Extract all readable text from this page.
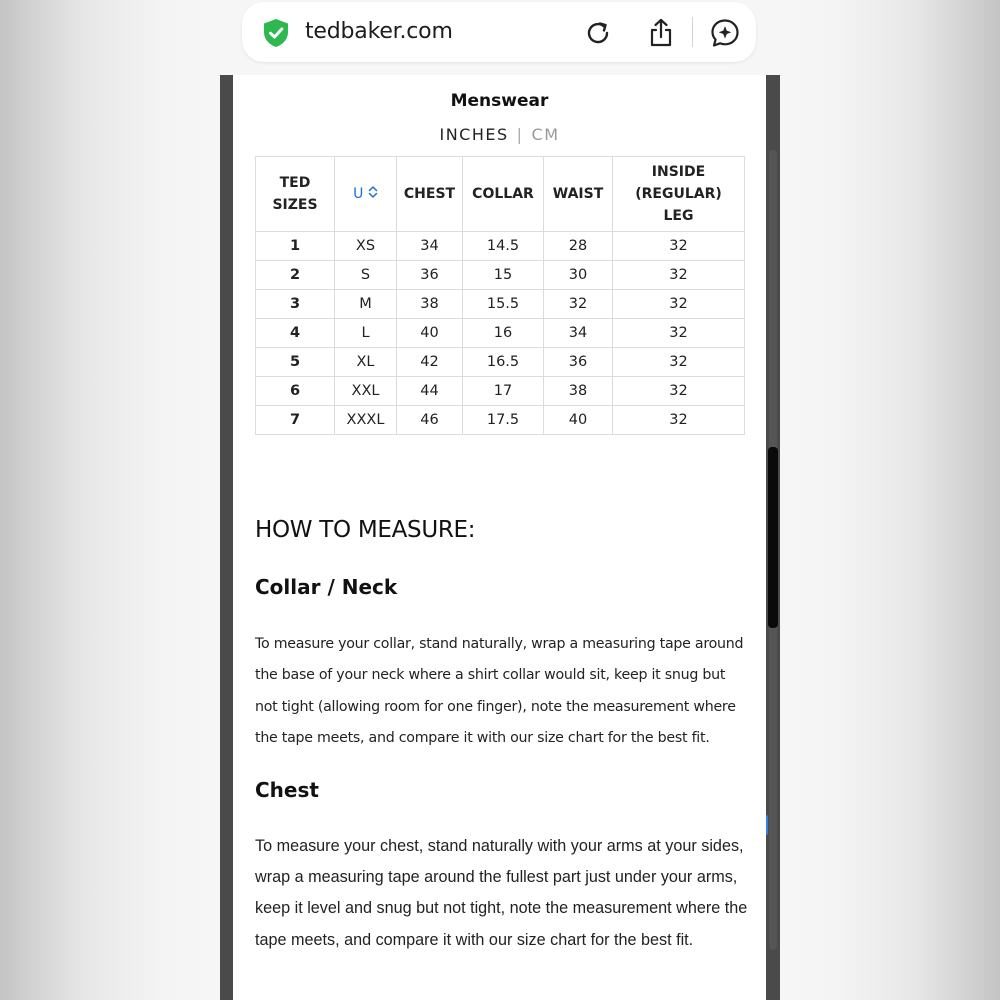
tedbaker.com
Menswear
INCHES | CM
TED
SIZES	U	CHEST	COLLAR	WAIST	INSIDE
(REGULAR)
LEG
1	XS	34	14.5	28	32
2	S	36	15	30	32
3	M	38	15.5	32	32
4	L	40	16	34	32
5	XL	42	16.5	36	32
6	XXL	44	17	38	32
7	XXXL	46	17.5	40	32
HOW TO MEASURE:
Collar / Neck
To measure your collar, stand naturally, wrap a measuring tape around the base of your neck where a shirt collar would sit, keep it snug but not tight (allowing room for one finger), note the measurement where the tape meets, and compare it with our size chart for the best fit.
Chest
To measure your chest, stand naturally with your arms at your sides, wrap a measuring tape around the fullest part just under your arms, keep it level and snug but not tight, note the measurement where the tape meets, and compare it with our size chart for the best fit.
